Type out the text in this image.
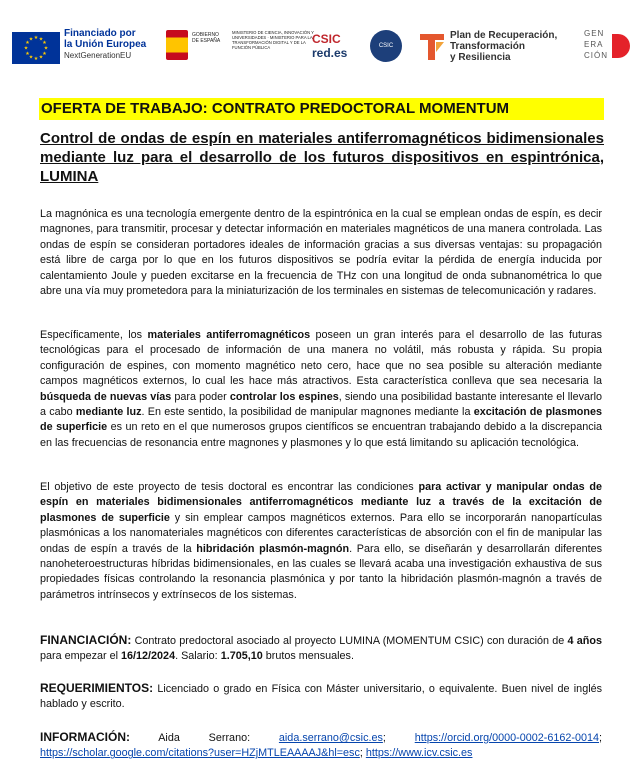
★ ★
★
★
★
★
★
★
★
★
★
★
Financiado por
la Unión Europea
NextGenerationEU
GOBIERNO DE ESPAÑA
MINISTERIO DE CIENCIA, INNOVACIÓN Y UNIVERSIDADES · MINISTERIO PARA LA TRANSFORMACIÓN DIGITAL Y DE LA FUNCIÓN PÚBLICA
CSIC
red.es	CSIC
Plan de Recuperación,
Transformación
y Resiliencia
GEN
ERA
CIÓN
OFERTA DE TRABAJO: CONTRATO PREDOCTORAL MOMENTUM
Control de ondas de espín en materiales antiferromagnéticos bidimensionales mediante luz para el desarrollo de los futuros dispositivos en espintrónica, LUMINA

La magnónica es una tecnología emergente dentro de la espintrónica en la cual se emplean ondas de espín, es decir magnones, para transmitir, procesar y detectar información en materiales magnéticos de una manera controlada. Las ondas de espín se consideran portadores ideales de información gracias a sus diversas ventajas: su propagación está libre de carga por lo que en los futuros dispositivos se podría evitar la pérdida de energía inducida por calentamiento Joule y pueden excitarse en la frecuencia de THz con una longitud de onda subnanométrica lo que abre una vía muy prometedora para la miniaturización de los terminales en sistemas de telecomunicación y radares.

Específicamente, los materiales antiferromagnéticos poseen un gran interés para el desarrollo de las futuras tecnológicas para el procesado de información de una manera no volátil, más robusta y rápida. Su propia configuración de espines, con momento magnético neto cero, hace que no sea posible su alteración mediante campos magnéticos externos, lo cual les hace más atractivos. Esta característica conlleva que sea necesaria la búsqueda de nuevas vías para poder controlar los espines, siendo una posibilidad bastante interesante el llevarlo a cabo mediante luz. En este sentido, la posibilidad de manipular magnones mediante la excitación de plasmones de superficie es un reto en el que numerosos grupos científicos se encuentran trabajando debido a la discrepancia en las frecuencias de resonancia entre magnones y plasmones y lo que está limitando su aplicación tecnológica.

El objetivo de este proyecto de tesis doctoral es encontrar las condiciones para activar y manipular ondas de espín en materiales bidimensionales antiferromagnéticos mediante luz a través de la excitación de plasmones de superficie y sin emplear campos magnéticos externos. Para ello se incorporarán nanopartículas plasmónicas a los nanomateriales magnéticos con diferentes características de absorción con el fin de manipular las ondas de espín a través de la hibridación plasmón-magnón. Para ello, se diseñarán y desarrollarán diferentes nanoheteroestructuras híbridas bidimensionales, en las cuales se llevará acaba una investigación exhaustiva de sus propiedades físicas controlando la resonancia plasmónica y por tanto la hibridación plasmón-magnón a través de parámetros intrínsecos y extrínsecos de los sistemas.

FINANCIACIÓN: Contrato predoctoral asociado al proyecto LUMINA (MOMENTUM CSIC) con duración de 4 años para empezar el 16/12/2024. Salario: 1.705,10 brutos mensuales.

REQUERIMIENTOS: Licenciado o grado en Física con Máster universitario, o equivalente. Buen nivel de inglés hablado y escrito.

INFORMACIÓN: Aida Serrano: aida.serrano@csic.es; https://orcid.org/0000-0002-6162-0014; https://scholar.google.com/citations?user=HZjMTLEAAAAJ&hl=esc; https://www.icv.csic.es
